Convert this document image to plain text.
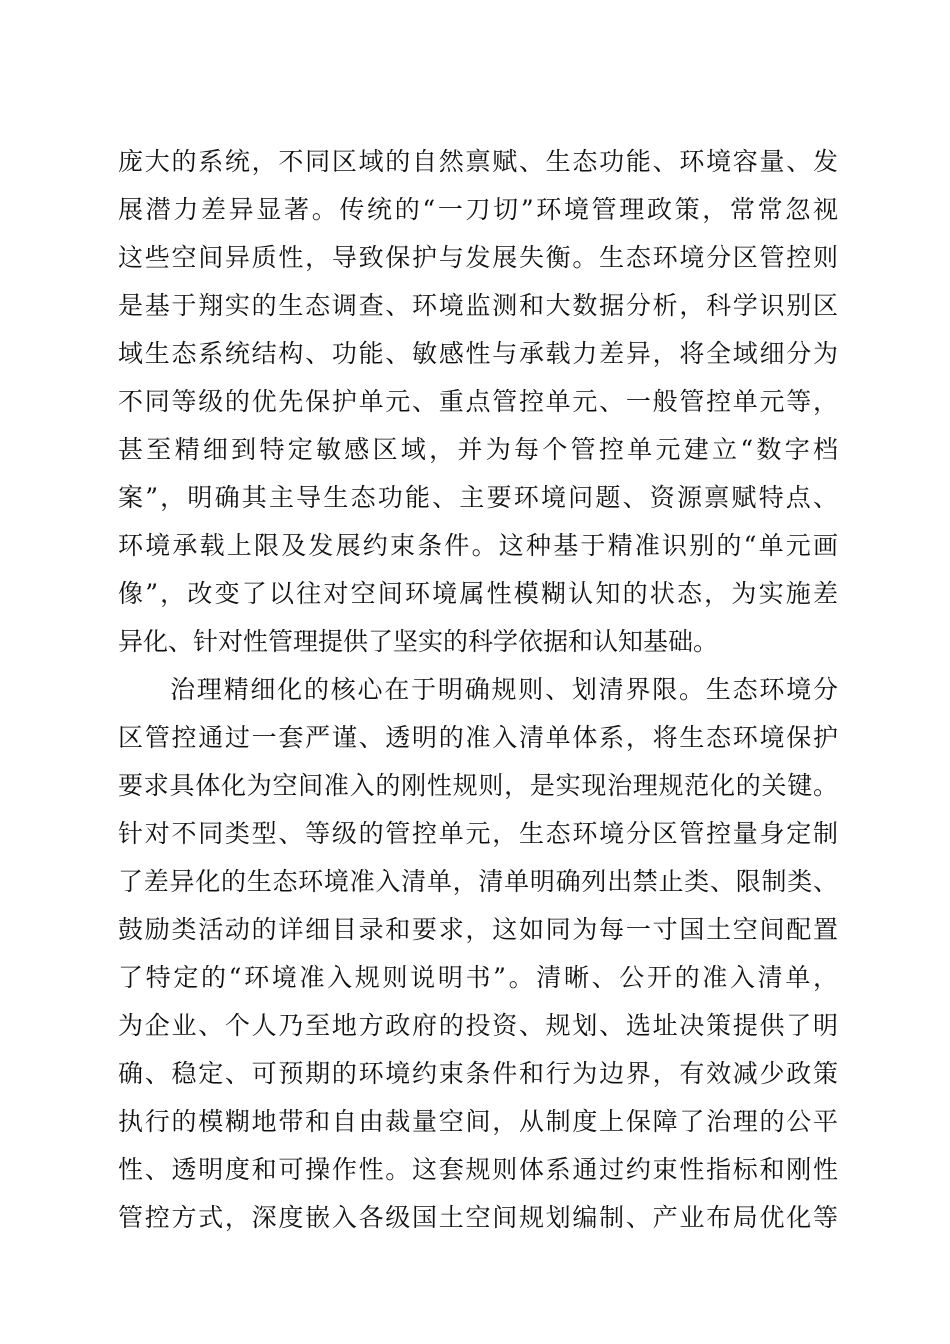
庞大的系统，不同区域的自然禀赋、生态功能、环境容量、发
展潜力差异显著。传统的“一刀切”环境管理政策，常常忽视
这些空间异质性，导致保护与发展失衡。生态环境分区管控则
是基于翔实的生态调查、环境监测和大数据分析，科学识别区
域生态系统结构、功能、敏感性与承载力差异，将全域细分为
不同等级的优先保护单元、重点管控单元、一般管控单元等，
甚至精细到特定敏感区域，并为每个管控单元建立“数字档
案”，明确其主导生态功能、主要环境问题、资源禀赋特点、
环境承载上限及发展约束条件。这种基于精准识别的“单元画
像”，改变了以往对空间环境属性模糊认知的状态，为实施差
异化、针对性管理提供了坚实的科学依据和认知基础。
治理精细化的核心在于明确规则、划清界限。生态环境分
区管控通过一套严谨、透明的准入清单体系，将生态环境保护
要求具体化为空间准入的刚性规则，是实现治理规范化的关键。
针对不同类型、等级的管控单元，生态环境分区管控量身定制
了差异化的生态环境准入清单，清单明确列出禁止类、限制类、
鼓励类活动的详细目录和要求，这如同为每一寸国土空间配置
了特定的“环境准入规则说明书”。清晰、公开的准入清单，
为企业、个人乃至地方政府的投资、规划、选址决策提供了明
确、稳定、可预期的环境约束条件和行为边界，有效减少政策
执行的模糊地带和自由裁量空间，从制度上保障了治理的公平
性、透明度和可操作性。这套规则体系通过约束性指标和刚性
管控方式，深度嵌入各级国土空间规划编制、产业布局优化等
